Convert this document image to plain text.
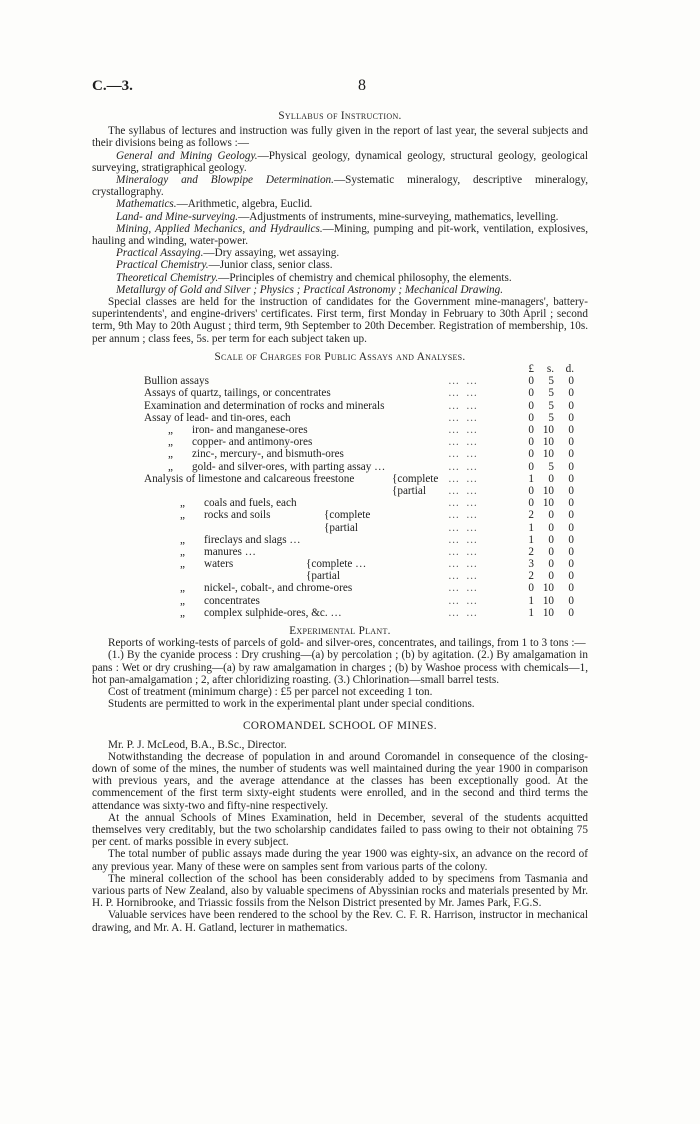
C.—3.	8
Syllabus of Instruction.

The syllabus of lectures and instruction was fully given in the report of last year, the several subjects and their divisions being as follows :—

General and Mining Geology.—Physical geology, dynamical geology, structural geology, geological surveying, stratigraphical geology.

Mineralogy and Blowpipe Determination.—Systematic mineralogy, descriptive mineralogy, crystallography.

Mathematics.—Arithmetic, algebra, Euclid.

Land- and Mine-surveying.—Adjustments of instruments, mine-surveying, mathematics, levelling.

Mining, Applied Mechanics, and Hydraulics.—Mining, pumping and pit-work, ventilation, explosives, hauling and winding, water-power.

Practical Assaying.—Dry assaying, wet assaying.

Practical Chemistry.—Junior class, senior class.

Theoretical Chemistry.—Principles of chemistry and chemical philosophy, the elements.

Metallurgy of Gold and Silver ; Physics ; Practical Astronomy ; Mechanical Drawing.

Special classes are held for the instruction of candidates for the Government mine-managers', battery-superintendents', and engine-drivers' certificates. First term, first Monday in February to 30th April ; second term, 9th May to 20th August ; third term, 9th September to 20th December. Registration of membership, 10s. per annum ; class fees, 5s. per term for each subject taken up.

Scale of Charges for Public Assays and Analyses.
£	s.	d.
Bullion assays	… …	0	5	0
Assays of quartz, tailings, or concentrates	… …	0	5	0
Examination and determination of rocks and minerals	… …	0	5	0
Assay of lead- and tin-ores, each	… …	0	5	0
„ iron- and manganese-ores	… …	0 10	0
„ copper- and antimony-ores	… …	0 10	0
„ zinc-, mercury-, and bismuth-ores	… …	0 10	0
„ gold- and silver-ores, with parting assay …	… …	0	5	0
Analysis of limestone and calcareous freestone	{complete … …	1	0	0
{partial … …	0 10	0
„ coals and fuels, each	… …	0 10	0
„ rocks and soils	{complete	… …	2	0	0
{partial	… …	1	0	0
„ fireclays and slags …	… …	1	0	0
„ manures …	… …	2	0	0
„ waters	{complete …	… …	3	0	0
{partial	… …	2	0	0
„ nickel-, cobalt-, and chrome-ores	… …	0 10	0
„ concentrates	… …	1 10	0
„ complex sulphide-ores, &c. …	… …	1 10	0
Experimental Plant.

Reports of working-tests of parcels of gold- and silver-ores, concentrates, and tailings, from 1 to 3 tons :—

(1.) By the cyanide process : Dry crushing—(a) by percolation ; (b) by agitation. (2.) By amalgamation in pans : Wet or dry crushing—(a) by raw amalgamation in charges ; (b) by Washoe process with chemicals—1, hot pan-amalgamation ; 2, after chloridizing roasting. (3.) Chlorination—small barrel tests.

Cost of treatment (minimum charge) : £5 per parcel not exceeding 1 ton.

Students are permitted to work in the experimental plant under special conditions.

COROMANDEL SCHOOL OF MINES.

Mr. P. J. McLeod, B.A., B.Sc., Director.

Notwithstanding the decrease of population in and around Coromandel in consequence of the closing-down of some of the mines, the number of students was well maintained during the year 1900 in comparison with previous years, and the average attendance at the classes has been exceptionally good. At the commencement of the first term sixty-eight students were enrolled, and in the second and third terms the attendance was sixty-two and fifty-nine respectively.

At the annual Schools of Mines Examination, held in December, several of the students acquitted themselves very creditably, but the two scholarship candidates failed to pass owing to their not obtaining 75 per cent. of marks possible in every subject.

The total number of public assays made during the year 1900 was eighty-six, an advance on the record of any previous year. Many of these were on samples sent from various parts of the colony.

The mineral collection of the school has been considerably added to by specimens from Tasmania and various parts of New Zealand, also by valuable specimens of Abyssinian rocks and materials presented by Mr. H. P. Hornibrooke, and Triassic fossils from the Nelson District presented by Mr. James Park, F.G.S.

Valuable services have been rendered to the school by the Rev. C. F. R. Harrison, instructor in mechanical drawing, and Mr. A. H. Gatland, lecturer in mathematics.
